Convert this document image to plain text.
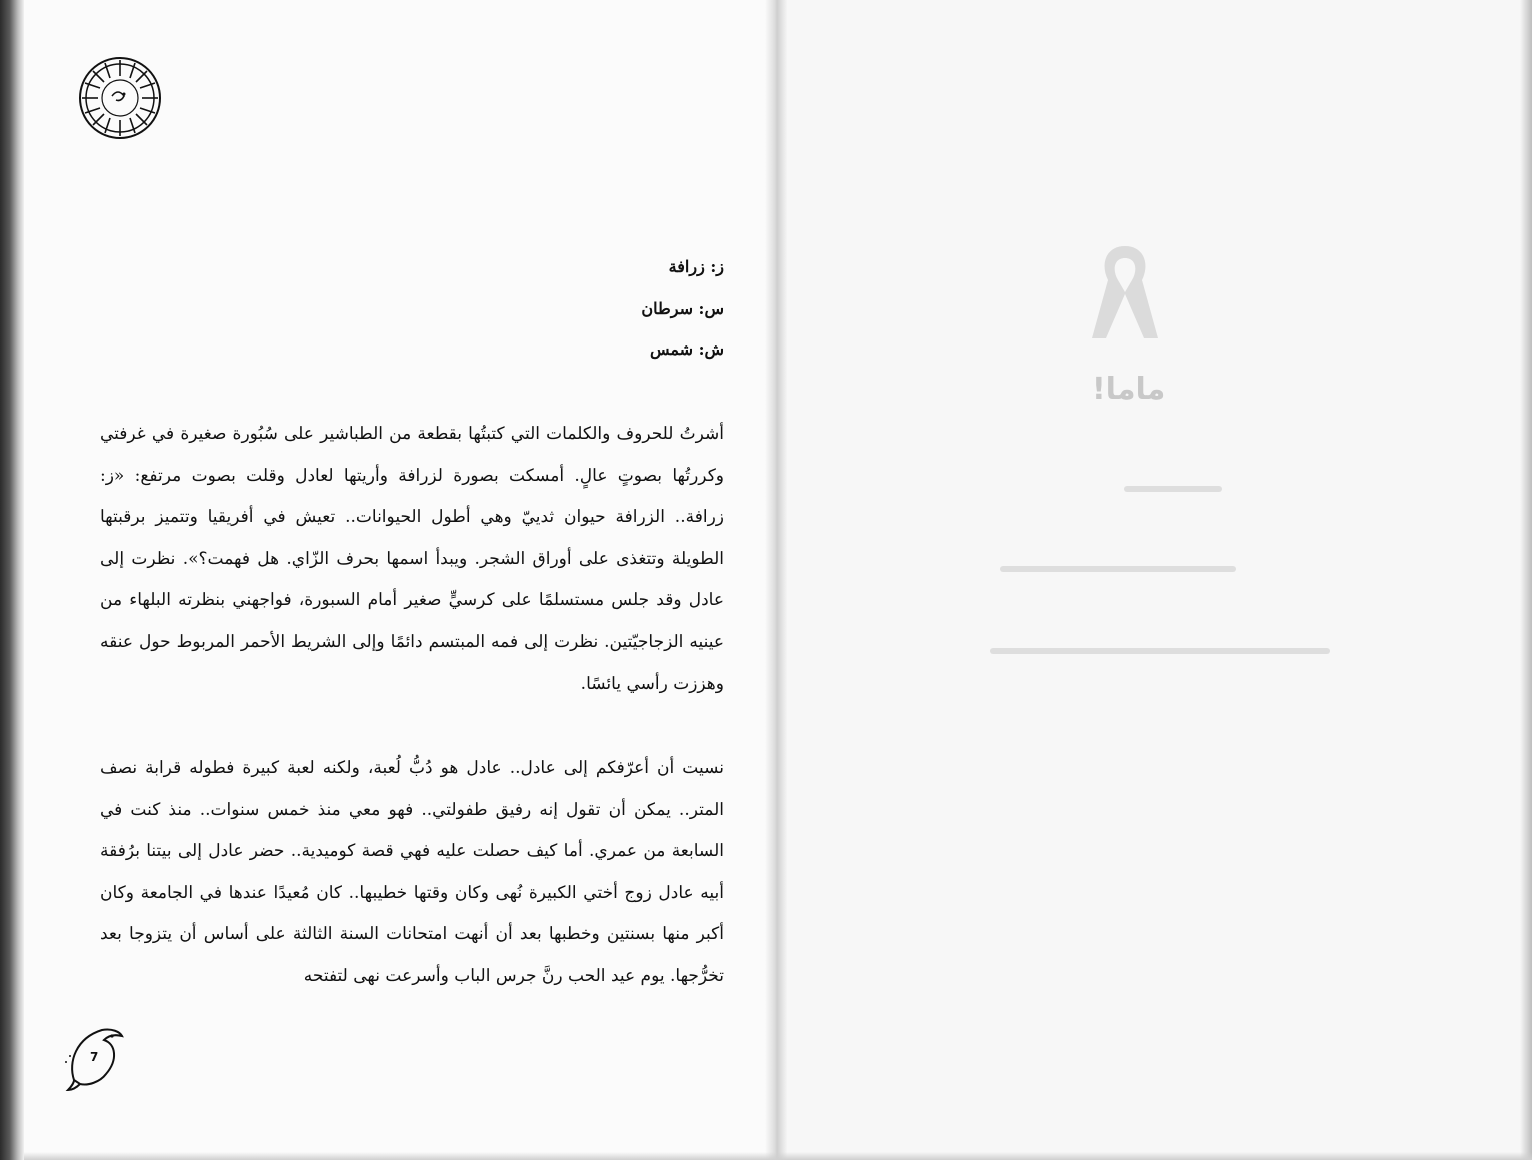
ز: زرافة
س: سرطان
ش: شمس

أشرتُ للحروف والكلمات التي كتبتُها بقطعة من الطباشير على سُبُورة صغيرة في غرفتي وكررتُها بصوتٍ عالٍ. أمسكت بصورة لزرافة وأريتها لعادل وقلت بصوت مرتفع: «ز: زرافة.. الزرافة حيوان ثدييّ وهي أطول الحيوانات.. تعيش في أفريقيا وتتميز برقبتها الطويلة وتتغذى على أوراق الشجر. ويبدأ اسمها بحرف الزّاي. هل فهمت؟». نظرت إلى عادل وقد جلس مستسلمًا على كرسيٍّ صغير أمام السبورة، فواجهني بنظرته البلهاء من عينيه الزجاجيّتين. نظرت إلى فمه المبتسم دائمًا وإلى الشريط الأحمر المربوط حول عنقه وهززت رأسي يائسًا.

نسيت أن أعرّفكم إلى عادل.. عادل هو دُبُّ لُعبة، ولكنه لعبة كبيرة فطوله قرابة نصف المتر.. يمكن أن تقول إنه رفيق طفولتي.. فهو معي منذ خمس سنوات.. منذ كنت في السابعة من عمري. أما كيف حصلت عليه فهي قصة كوميدية.. حضر عادل إلى بيتنا برُفقة أبيه عادل زوج أختي الكبيرة نُهى وكان وقتها خطيبها.. كان مُعيدًا عندها في الجامعة وكان أكبر منها بسنتين وخطبها بعد أن أنهت امتحانات السنة الثالثة على أساس أن يتزوجا بعد تخرُّجها. يوم عيد الحب رنَّ جرس الباب وأسرعت نهى لتفتحه

7
ماما!
